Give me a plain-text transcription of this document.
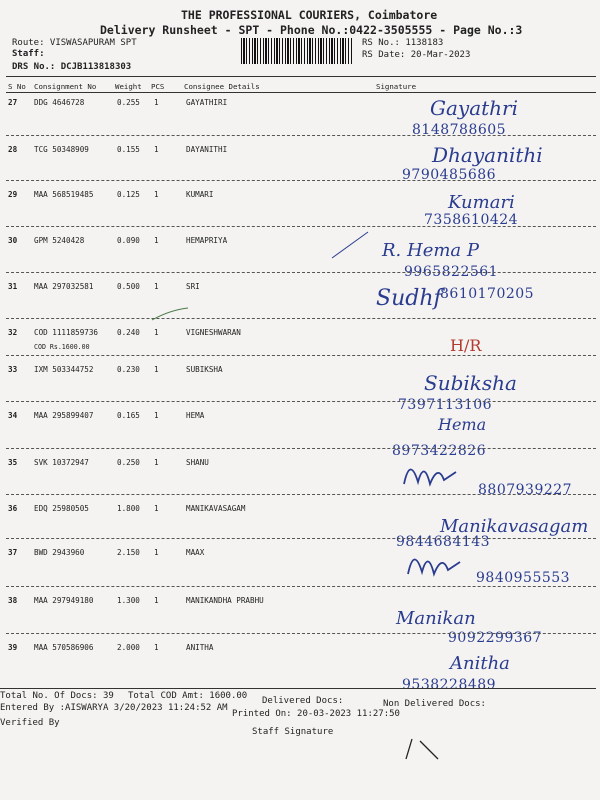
THE PROFESSIONAL COURIERS, Coimbatore
Delivery Runsheet - SPT - Phone No.:0422-3505555 - Page No.:3
Route: VISWASAPURAM SPT
Staff:
DRS No.: DCJB113818303
RS No.: 1138183
RS Date: 20-Mar-2023
S No Consignment No	Weight PCS	Consignee Details	Signature
27 DDG 4646728	0.255 1	GAYATHIRI	Gayathri
8148788605
28 TCG 50348909	0.155 1	DAYANITHI	Dhayanithi
9790485686
29 MAA 568519485	0.125 1	KUMARI	Kumari
7358610424
30 GPM 5240428	0.090 1	HEMAPRIYA	R. Hema P
9965822561
31 MAA 297032581	0.500 1	SRI	Sudhf
8610170205
32 COD 1111859736 0.240 1	VIGNESHWARAN
COD Rs.1600.00	H/R
33 IXM 503344752	0.230 1	SUBIKSHA
Subiksha
7397113106
34 MAA 295899407	0.165 1	HEMA	Hema
8973422826
35 SVK 10372947	0.250 1	SHANU
8807939227
36 EDQ 25980505	1.800 1	MANIKAVASAGAM
Manikavasagam
9844684143
37 BWD 2943960	2.150 1	MAAX
9840955553
38 MAA 297949180	1.300 1	MANIKANDHA PRABHU
Manikan
9092299367
39 MAA 570586906	2.000 1	ANITHA
Anitha
9538228489
Total No. Of Docs: 39 Total COD Amt: 1600.00 Delivered Docs:	Non Delivered Docs:
Entered By :AISWARYA 3/20/2023 11:24:52 AM
Printed On: 20-03-2023 11:27:50
Verified By
Staff Signature
